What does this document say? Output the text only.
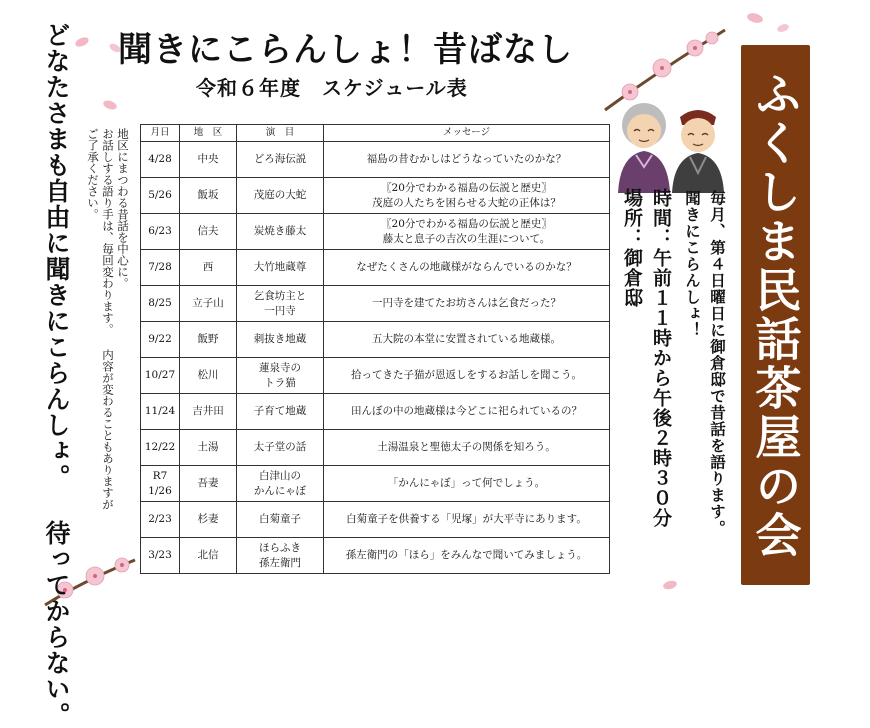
どなたさまも自由に聞きにこらんしょ。 待ってからない。	地区にまつわる昔話を中心に。

お話しする語り手は、毎回変わります。 内容が変わることもありますが

ご了承ください。

聞きにこらんしょ！昔ばなし
令和６年度　スケジュール表
月日	地　区	演　目	メッセージ
4/28	中央	どろ海伝説	福島の昔むかしはどうなっていたのかな？
5/26	飯坂	茂庭の大蛇	〖20分でわかる福島の伝説と歴史〗
茂庭の人たちを困らせる大蛇の正体は？
6/23	信夫	炭焼き藤太	〖20分でわかる福島の伝説と歴史〗
藤太と息子の吉次の生涯について。
7/28	西	大竹地蔵尊	なぜたくさんの地蔵様がならんでいるのかな？
8/25	立子山	乞食坊主と
一円寺	一円寺を建てたお坊さんは乞食だった？
9/22	飯野	刺抜き地蔵	五大院の本堂に安置されている地蔵様。
10/27	松川	蓮泉寺の
トラ猫	拾ってきた子猫が恩返しをするお話しを聞こう。
11/24	吉井田	子育て地蔵	田んぼの中の地蔵様は今どこに祀られているの？
12/22	土湯	太子堂の話	土湯温泉と聖徳太子の関係を知ろう。
R7
1/26	吾妻	白津山の
かんにゃぼ	「かんにゃぼ」って何でしょう。
2/23	杉妻	白菊童子	白菊童子を供養する「児塚」が大平寺にあります。
3/23	北信	ほらふき
孫左衛門	孫左衛門の「ほら」をみんなで聞いてみましょう。

毎月、第４日曜日に御倉邸で昔話を語ります。

聞きにこらんしょ！

時間：午前１１時から午後２時３０分

場所：御倉邸 ふくしま民話茶屋の会
